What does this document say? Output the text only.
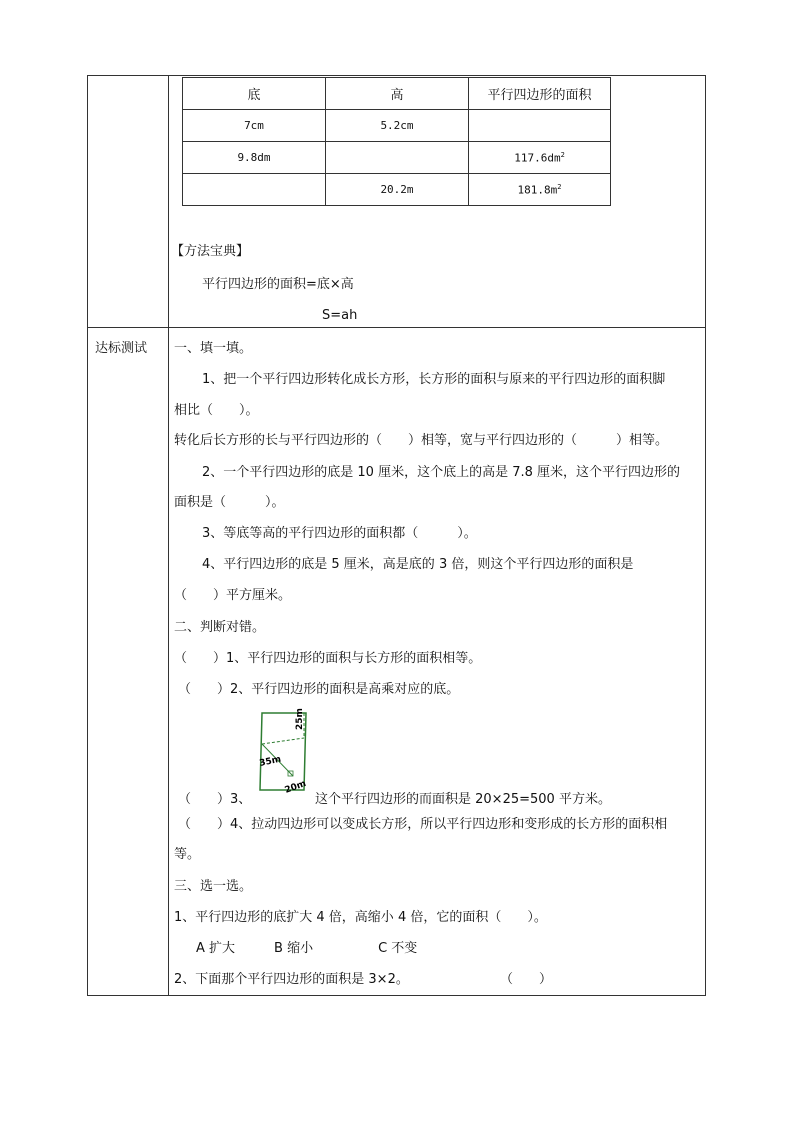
底	高	平行四边形的面积
7cm	5.2cm	
9.8dm		$117.6dm^2$
	20.2m	$181.8m^2$
【方法宝典】
平行四边形的面积=底×高
S=ah
达标测试 一、填一填。
1、把一个平行四边形转化成长方形，长方形的面积与原来的平行四边形的面积脚
相比（　　）。
转化后长方形的长与平行四边形的（　　）相等，宽与平行四边形的（　　　）相等。
2、一个平行四边形的底是 10 厘米，这个底上的高是 7.8 厘米，这个平行四边形的
面积是（　　　）。
3、等底等高的平行四边形的面积都（　　　）。
4、平行四边形的底是 5 厘米，高是底的 3 倍，则这个平行四边形的面积是
（　　）平方厘米。
二、判断对错。
（　　）1、平行四边形的面积与长方形的面积相等。
（　　）2、平行四边形的面积是高乘对应的底。
25m
35m
20m
（　　）3、	这个平行四边形的而面积是 20×25=500 平方米。
（　　）4、拉动四边形可以变成长方形，所以平行四边形和变形成的长方形的面积相
等。
三、选一选。
1、平行四边形的底扩大 4 倍，高缩小 4 倍，它的面积（　　）。
A 扩大　　　B 缩小　　　　　C 不变
2、下面那个平行四边形的面积是 3×2。	（　　）
